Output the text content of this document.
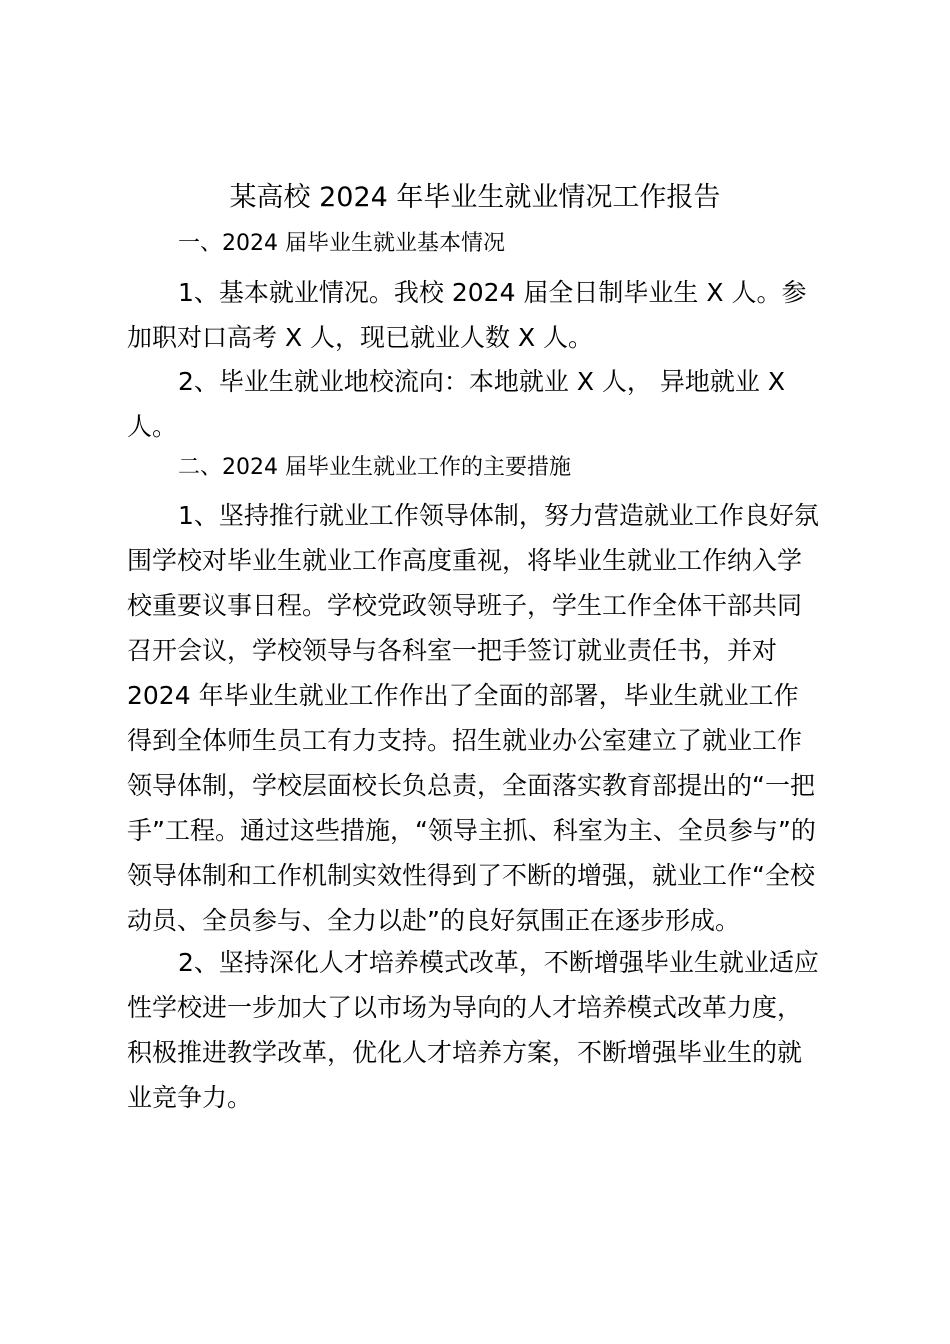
某高校 2024 年毕业生就业情况工作报告
一、2024 届毕业生就业基本情况
1、基本就业情况。我校 2024 届全日制毕业生 X 人。参
加职对口高考 X 人，现已就业人数 X 人。
2、毕业生就业地校流向：本地就业 X 人， 异地就业 X
人。
二、2024 届毕业生就业工作的主要措施
1、坚持推行就业工作领导体制，努力营造就业工作良好氛
围学校对毕业生就业工作高度重视，将毕业生就业工作纳入学
校重要议事日程。学校党政领导班子，学生工作全体干部共同
召开会议，学校领导与各科室一把手签订就业责任书，并对
2024 年毕业生就业工作作出了全面的部署，毕业生就业工作
得到全体师生员工有力支持。招生就业办公室建立了就业工作
领导体制，学校层面校长负总责，全面落实教育部提出的“一把
手”工程。通过这些措施，“领导主抓、科室为主、全员参与”的
领导体制和工作机制实效性得到了不断的增强，就业工作“全校
动员、全员参与、全力以赴”的良好氛围正在逐步形成。
2、坚持深化人才培养模式改革，不断增强毕业生就业适应
性学校进一步加大了以市场为导向的人才培养模式改革力度，
积极推进教学改革，优化人才培养方案，不断增强毕业生的就
业竞争力。
